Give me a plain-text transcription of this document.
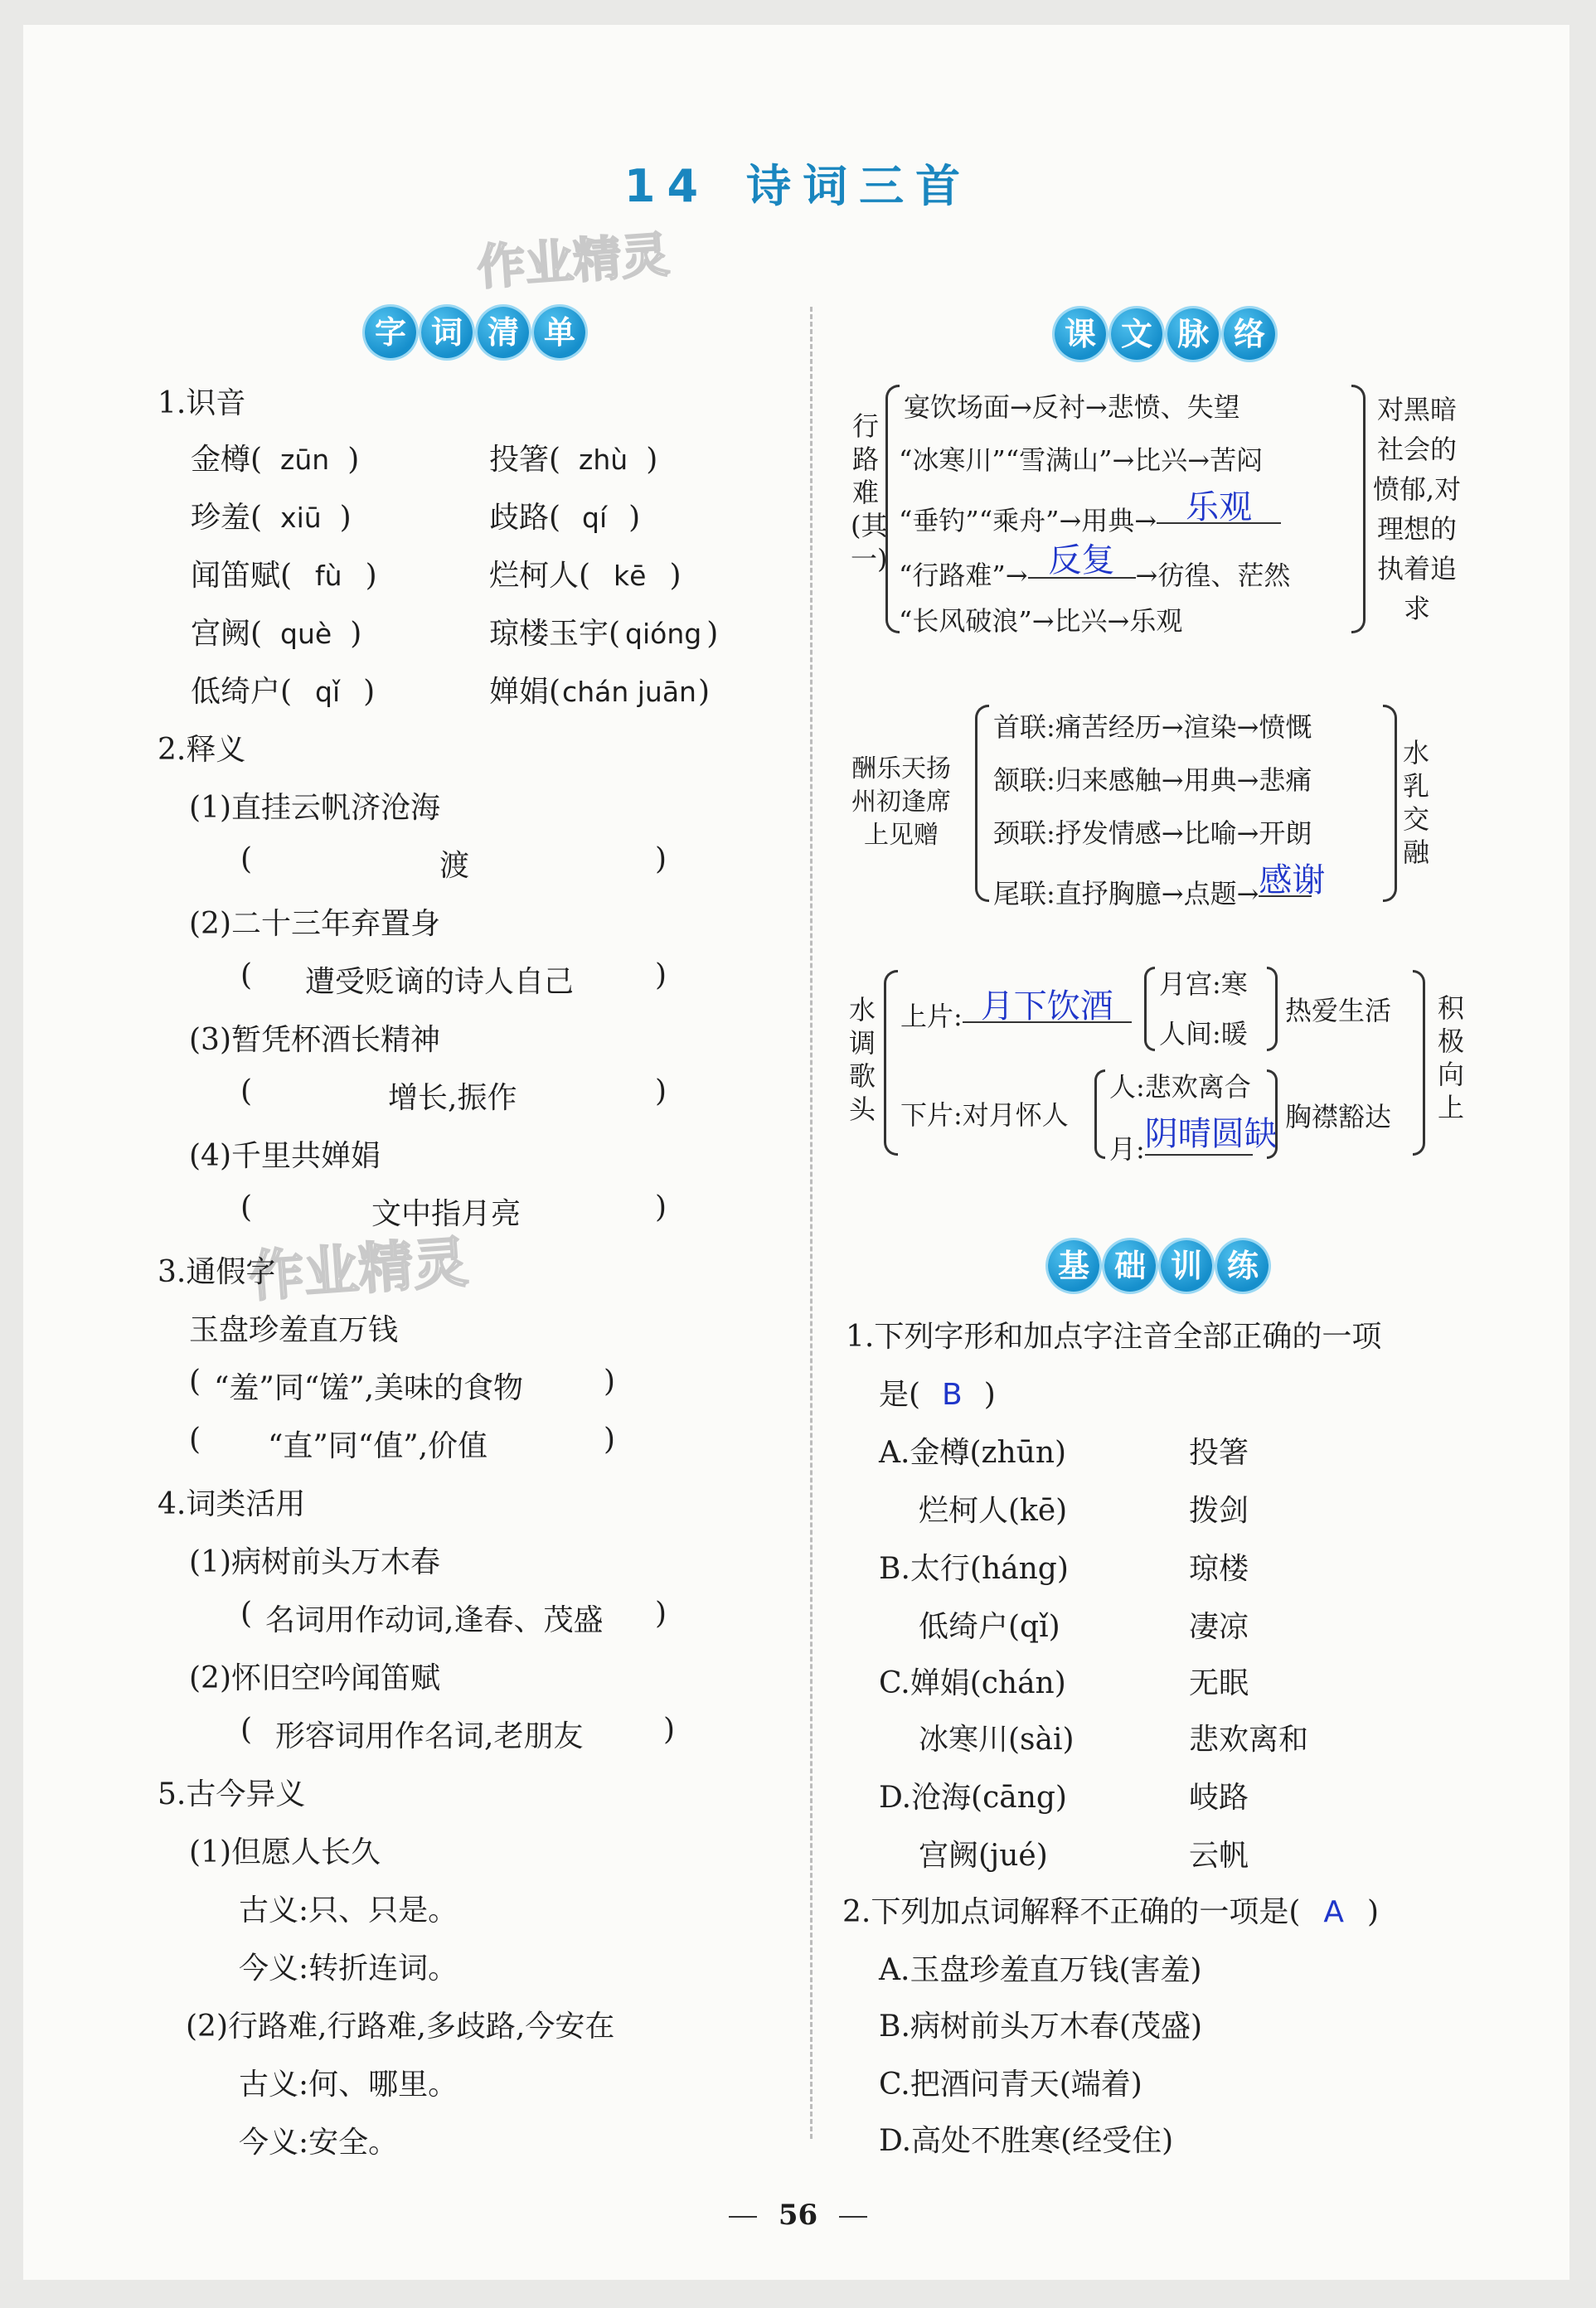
14 诗词三首
作业精灵
作业精灵
字 词 清 单	课 文 脉 络
基 础 训 练
1.识音
金樽( zūn )	投箸( zhù )
珍羞( xiū )	歧路( qí )
闻笛赋( fù )	烂柯人( kē )
宫阙( què )	琼楼玉宇( qióng )
低绮户( qǐ )	婵娟(chán juān)
2.释义
(1)直挂云帆济沧海
(	渡	)
(2)二十三年弃置身
( 遭受贬谪的诗人自己	)
(3)暂凭杯酒长精神
(	增长,振作	)
(4)千里共婵娟
(	文中指月亮	)
3.通假字
玉盘珍羞直万钱
( “羞”同“馐”,美味的食物	)
( “直”同“值”,价值	)
4.词类活用
(1)病树前头万木春
( 名词用作动词,逢春、茂盛 )
(2)怀旧空吟闻笛赋
( 形容词用作名词,老朋友	)
5.古今异义
(1)但愿人长久
古义:只、只是。
今义:转折连词。
(2)行路难,行路难,多歧路,今安在
古义:何、哪里。
今义:安全。
行路难(其一)
宴饮场面→反衬→悲愤、失望
“冰寒川”“雪满山”→比兴→苦闷
“垂钓”“乘舟”→用典→ 乐观
“行路难”→ 反复 →彷徨、茫然
“长风破浪”→比兴→乐观
对黑暗社会的愤郁,对理想的执着追求
酬乐天扬州初逢席上见赠
首联:痛苦经历→渲染→愤慨
颔联:归来感触→用典→悲痛
颈联:抒发情感→比喻→开朗
尾联:直抒胸臆→点题→感谢
水乳交融
水调歌头
上片: 月下饮酒
月宫:寒
人间:暖
热爱生活
下片:对月怀人
人:悲欢离合
月:阴晴圆缺 胸襟豁达
积极向上
1.下列字形和加点字注音全部正确的一项
是( B )
A.金樽(zhūn)	投箸
烂柯人(kē)	拨剑
B.太行(háng)	琼楼
低绮户(qǐ)	凄凉
C.婵娟(chán)	无眠
冰寒川(sài)	悲欢离和
D.沧海(cāng)	岐路
宫阙(jué)	云帆
2.下列加点词解释不正确的一项是( A )
A.玉盘珍羞直万钱(害羞)
B.病树前头万木春(茂盛)
C.把酒问青天(端着)
D.高处不胜寒(经受住)
56
